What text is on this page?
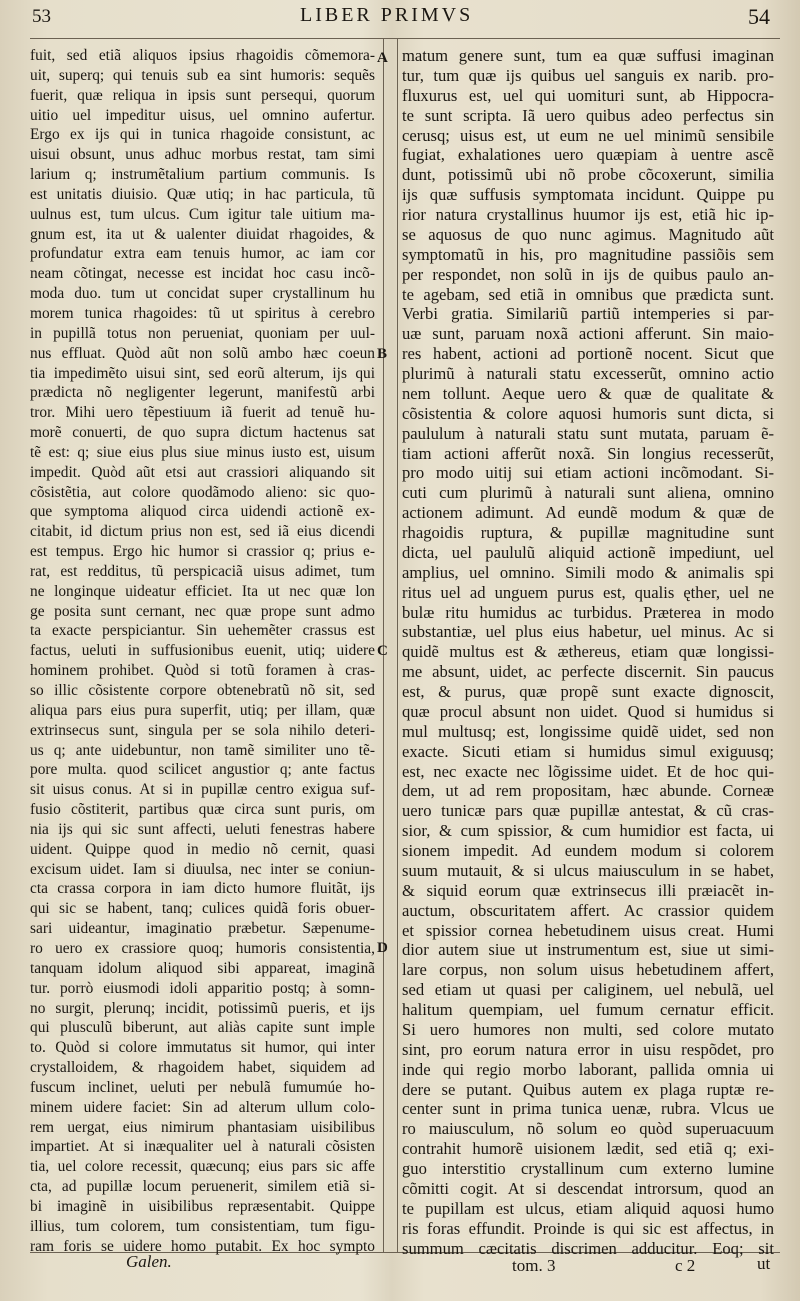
53	LIBER PRIMVS	54
A
B
C
D
fuit, sed etiã aliquos ipsius rhagoidis cõmemora-
uit, superq; qui tenuis sub ea sint humoris: sequẽs
fuerit, quæ reliqua in ipsis sunt persequi, quorum
uitio uel impeditur uisus, uel omnino aufertur.
Ergo ex ijs qui in tunica rhagoide consistunt, ac
uisui obsunt, unus adhuc morbus restat, tam simi
larium q; instrumẽtalium partium communis. Is
est unitatis diuisio. Quæ utiq; in hac particula, tũ
uulnus est, tum ulcus. Cum igitur tale uitium ma-
gnum est, ita ut & ualenter diuidat rhagoides, &
profundatur extra eam tenuis humor, ac iam cor
neam cõtingat, necesse est incidat hoc casu incõ-
moda duo. tum ut concidat super crystallinum hu
morem tunica rhagoides: tũ ut spiritus à cerebro
in pupillã totus non perueniat, quoniam per uul-
nus effluat. Quòd aũt non solũ ambo hæc coeun
tia impedimẽto uisui sint, sed eorũ alterum, ijs qui
prædicta nõ negligenter legerunt, manifestũ arbi
tror. Mihi uero tẽpestiuum iã fuerit ad tenuẽ hu-
morẽ conuerti, de quo supra dictum hactenus sat
tẽ est: q; siue eius plus siue minus iusto est, uisum
impedit. Quòd aũt etsi aut crassiori aliquando sit
cõsistẽtia, aut colore quodãmodo alieno: sic quo-
que symptoma aliquod circa uidendi actionẽ ex-
citabit, id dictum prius non est, sed iã eius dicendi
est tempus. Ergo hic humor si crassior q; prius e-
rat, est redditus, tũ perspicaciã uisus adimet, tum
ne longinque uideatur efficiet. Ita ut nec quæ lon
ge posita sunt cernant, nec quæ prope sunt admo
ta exacte perspiciantur. Sin uehemẽter crassus est
factus, ueluti in suffusionibus euenit, utiq; uidere
hominem prohibet. Quòd si totũ foramen à cras-
so illic cõsistente corpore obtenebratũ nõ sit, sed
aliqua pars eius pura superfit, utiq; per illam, quæ
extrinsecus sunt, singula per se sola nihilo deteri-
us q; ante uidebuntur, non tamẽ similiter uno tẽ-
pore multa. quod scilicet angustior q; ante factus
sit uisus conus. At si in pupillæ centro exigua suf-
fusio cõstiterit, partibus quæ circa sunt puris, om
nia ijs qui sic sunt affecti, ueluti fenestras habere
uident. Quippe quod in medio nõ cernit, quasi
excisum uidet. Iam si diuulsa, nec inter se coniun-
cta crassa corpora in iam dicto humore fluitãt, ijs
qui sic se habent, tanq; culices quidã foris obuer-
sari uideantur, imaginatio præbetur. Sæpenume-
ro uero ex crassiore quoq; humoris consistentia,
tanquam idolum aliquod sibi appareat, imaginã
tur. porrò eiusmodi idoli apparitio postq; à somn-
no surgit, plerunq; incidit, potissimũ pueris, et ijs
qui plusculũ biberunt, aut aliàs capite sunt imple
to. Quòd si colore immutatus sit humor, qui inter
crystalloidem, & rhagoidem habet, siquidem ad
fuscum inclinet, ueluti per nebulã fumumúe ho-
minem uidere faciet: Sin ad alterum ullum colo-
rem uergat, eius nimirum phantasiam uisibilibus
impartiet. At si inæqualiter uel à naturali cõsisten
tia, uel colore recessit, quæcunq; eius pars sic affe
cta, ad pupillæ locum peruenerit, similem etiã si-
bi imaginẽ in uisibilibus repræsentabit. Quippe
illius, tum colorem, tum consistentiam, tum figu-
ram foris se uidere homo putabit. Ex hoc sympto
matum genere sunt, tum ea quæ suffusi imaginan
tur, tum quæ ijs quibus uel sanguis ex narib. pro-
fluxurus est, uel qui uomituri sunt, ab Hippocra-
te sunt scripta. Iã uero quibus adeo perfectus sin
cerusq; uisus est, ut eum ne uel minimũ sensibile
fugiat, exhalationes uero quæpiam à uentre ascẽ
dunt, potissimũ ubi nõ probe cõcoxerunt, similia
ijs quæ suffusis symptomata incidunt. Quippe pu
rior natura crystallinus huumor ijs est, etiã hic ip-
se aquosus de quo nunc agimus. Magnitudo aũt
symptomatũ in his, pro magnitudine passiõis sem
per respondet, non solũ in ijs de quibus paulo an-
te agebam, sed etiã in omnibus que prædicta sunt.
Verbi gratia. Similariũ partiũ intemperies si par-
uæ sunt, paruam noxã actioni afferunt. Sin maio-
res habent, actioni ad portionẽ nocent. Sicut que
plurimũ à naturali statu excesserũt, omnino actio
nem tollunt. Aeque uero & quæ de qualitate &
cõsistentia & colore aquosi humoris sunt dicta, si
paululum à naturali statu sunt mutata, paruam ẽ-
tiam actioni afferũt noxã. Sin longius recesserũt,
pro modo uitij sui etiam actioni incõmodant. Si-
cuti cum plurimũ à naturali sunt aliena, omnino
actionem adimunt. Ad eundẽ modum & quæ de
rhagoidis ruptura, & pupillæ magnitudine sunt
dicta, uel paululũ aliquid actionẽ impediunt, uel
amplius, uel omnino. Simili modo & animalis spi
ritus uel ad unguem purus est, qualis ęther, uel ne
bulæ ritu humidus ac turbidus. Præterea in modo
substantiæ, uel plus eius habetur, uel minus. Ac si
quidẽ multus est & æthereus, etiam quæ longissi-
me absunt, uidet, ac perfecte discernit. Sin paucus
est, & purus, quæ propẽ sunt exacte dignoscit,
quæ procul absunt non uidet. Quod si humidus si
mul multusq; est, longissime quidẽ uidet, sed non
exacte. Sicuti etiam si humidus simul exiguusq;
est, nec exacte nec lõgissime uidet. Et de hoc qui-
dem, ut ad rem propositam, hæc abunde. Corneæ
uero tunicæ pars quæ pupillæ antestat, & cũ cras-
sior, & cum spissior, & cum humidior est facta, ui
sionem impedit. Ad eundem modum si colorem
suum mutauit, & si ulcus maiusculum in se habet,
& siquid eorum quæ extrinsecus illi præiacẽt in-
auctum, obscuritatem affert. Ac crassior quidem
et spissior cornea hebetudinem uisus creat. Humi
dior autem siue ut instrumentum est, siue ut simi-
lare corpus, non solum uisus hebetudinem affert,
sed etiam ut quasi per caliginem, uel nebulã, uel
halitum quempiam, uel fumum cernatur efficit.
Si uero humores non multi, sed colore mutato
sint, pro eorum natura error in uisu respõdet, pro
inde qui regio morbo laborant, pallida omnia ui
dere se putant. Quibus autem ex plaga ruptæ re-
center sunt in prima tunica uenæ, rubra. Vlcus ue
ro maiusculum, nõ solum eo quòd superuacuum
contrahit humorẽ uisionem lædit, sed etiã q; exi-
guo interstitio crystallinum cum externo lumine
cõmitti cogit. At si descendat introrsum, quod an
te pupillam est ulcus, etiam aliquid aquosi humo
ris foras effundit. Proinde is qui sic est affectus, in
summum cæcitatis discrimen adducitur. Eoq; sit
Galen.	tom. 3	c 2	ut
